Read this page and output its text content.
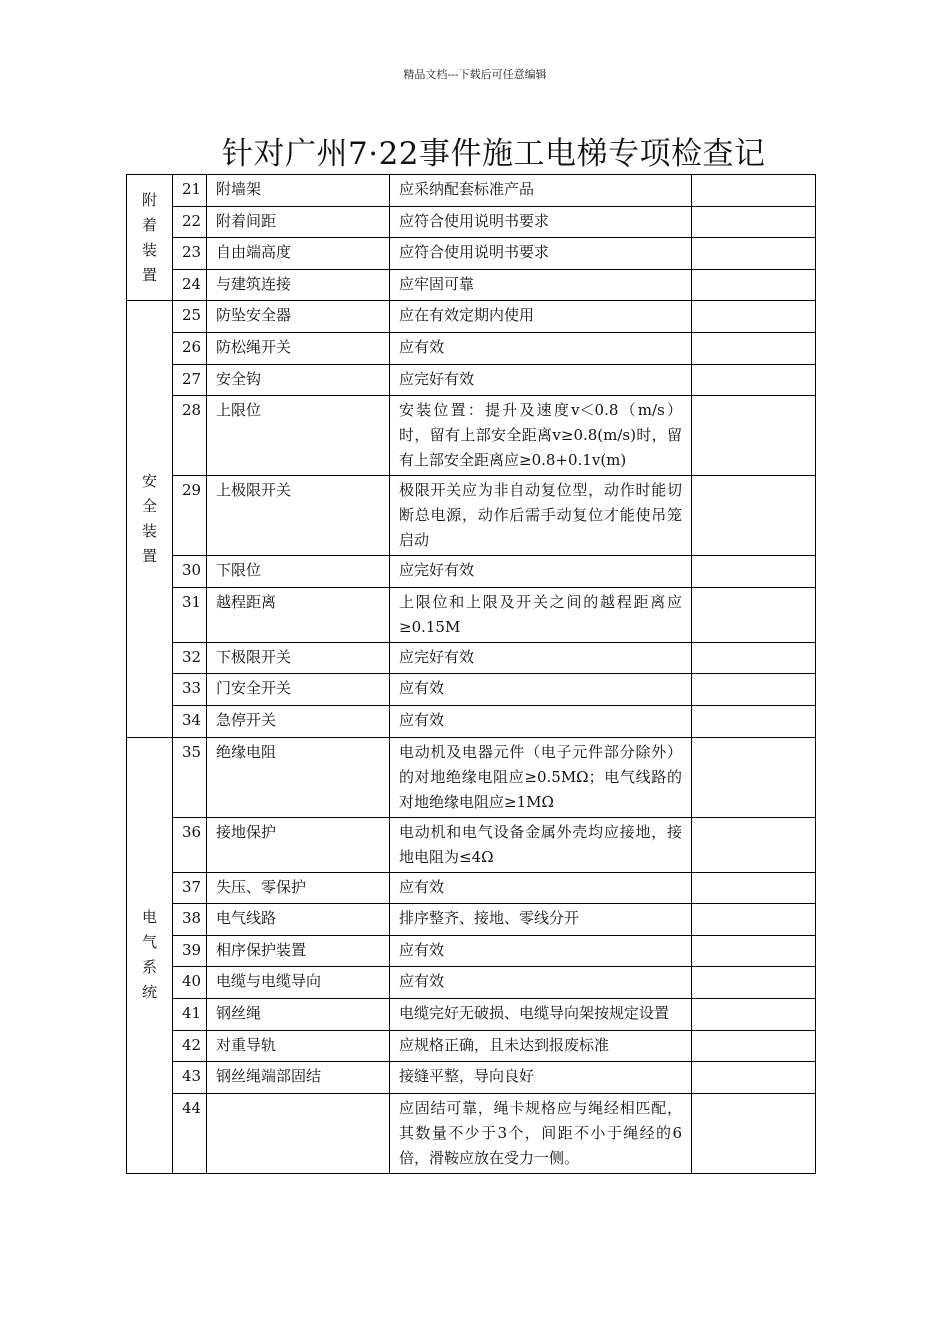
精品文档---下载后可任意编辑
针对广州7·22事件施工电梯专项检查记
附着装置	21	附墙架	应采纳配套标准产品	
	22	附着间距	应符合使用说明书要求	
	23	自由端高度	应符合使用说明书要求	
	24	与建筑连接	应牢固可靠	
安全装置	25	防坠安全器	应在有效定期内使用	
	26	防松绳开关	应有效	
	27	安全钩	应完好有效	
	28	上限位	安装位置：提升及速度v＜0.8（m/s）时，留有上部安全距离v≥0.8(m/s)时，留有上部安全距离应≥0.8+0.1v(m)	
	29	上极限开关	极限开关应为非自动复位型，动作时能切断总电源，动作后需手动复位才能使吊笼启动	
	30	下限位	应完好有效	
	31	越程距离	上限位和上限及开关之间的越程距离应≥0.15M	
	32	下极限开关	应完好有效	
	33	门安全开关	应有效	
	34	急停开关	应有效	
电气系统	35	绝缘电阻	电动机及电器元件（电子元件部分除外）的对地绝缘电阻应≥0.5MΩ；电气线路的对地绝缘电阻应≥1MΩ	
	36	接地保护	电动机和电气设备金属外壳均应接地，接地电阻为≤4Ω	
	37	失压、零保护	应有效	
	38	电气线路	排序整齐、接地、零线分开	
	39	相序保护装置	应有效	
	40	电缆与电缆导向	应有效	
	41	钢丝绳	电缆完好无破损、电缆导向架按规定设置	
	42	对重导轨	应规格正确，且未达到报废标准	
	43	钢丝绳端部固结	接缝平整，导向良好	
	44		应固结可靠，绳卡规格应与绳经相匹配，其数量不少于3个，间距不小于绳经的6倍，滑鞍应放在受力一侧。	
